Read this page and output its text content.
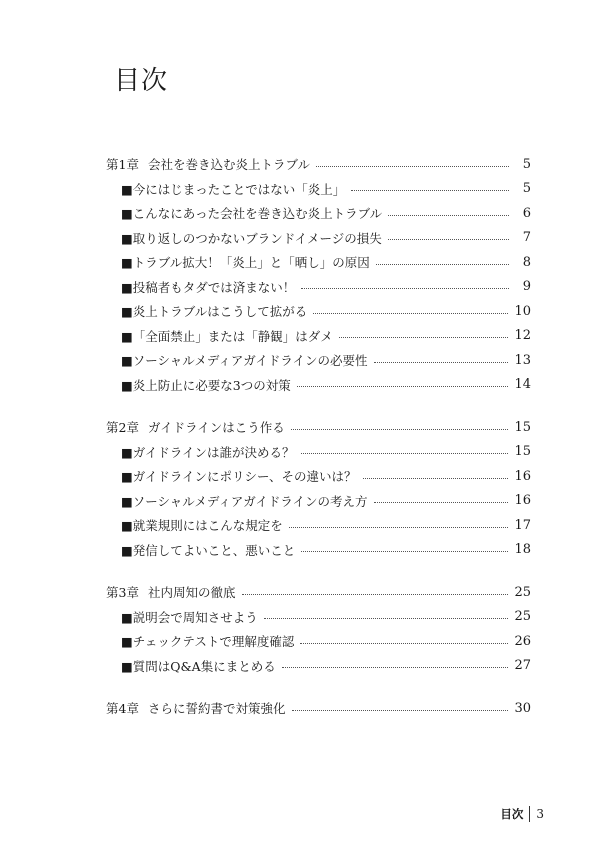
目次
第1章 会社を巻き込む炎上トラブル	5
■今にはじまったことではない「炎上」	5
■こんなにあった会社を巻き込む炎上トラブル	6
■取り返しのつかないブランドイメージの損失	7
■トラブル拡大！「炎上」と「晒し」の原因	8
■投稿者もタダでは済まない！	9
■炎上トラブルはこうして拡がる	10
■「全面禁止」または「静観」はダメ	12
■ソーシャルメディアガイドラインの必要性	13
■炎上防止に必要な3つの対策	14
第2章 ガイドラインはこう作る	15
■ガイドラインは誰が決める？	15
■ガイドラインにポリシー、その違いは？	16
■ソーシャルメディアガイドラインの考え方	16
■就業規則にはこんな規定を	17
■発信してよいこと、悪いこと	18
第3章 社内周知の徹底	25
■説明会で周知させよう	25
■チェックテストで理解度確認	26
■質問はQ&A集にまとめる	27
第4章 さらに誓約書で対策強化	30
目次 3
